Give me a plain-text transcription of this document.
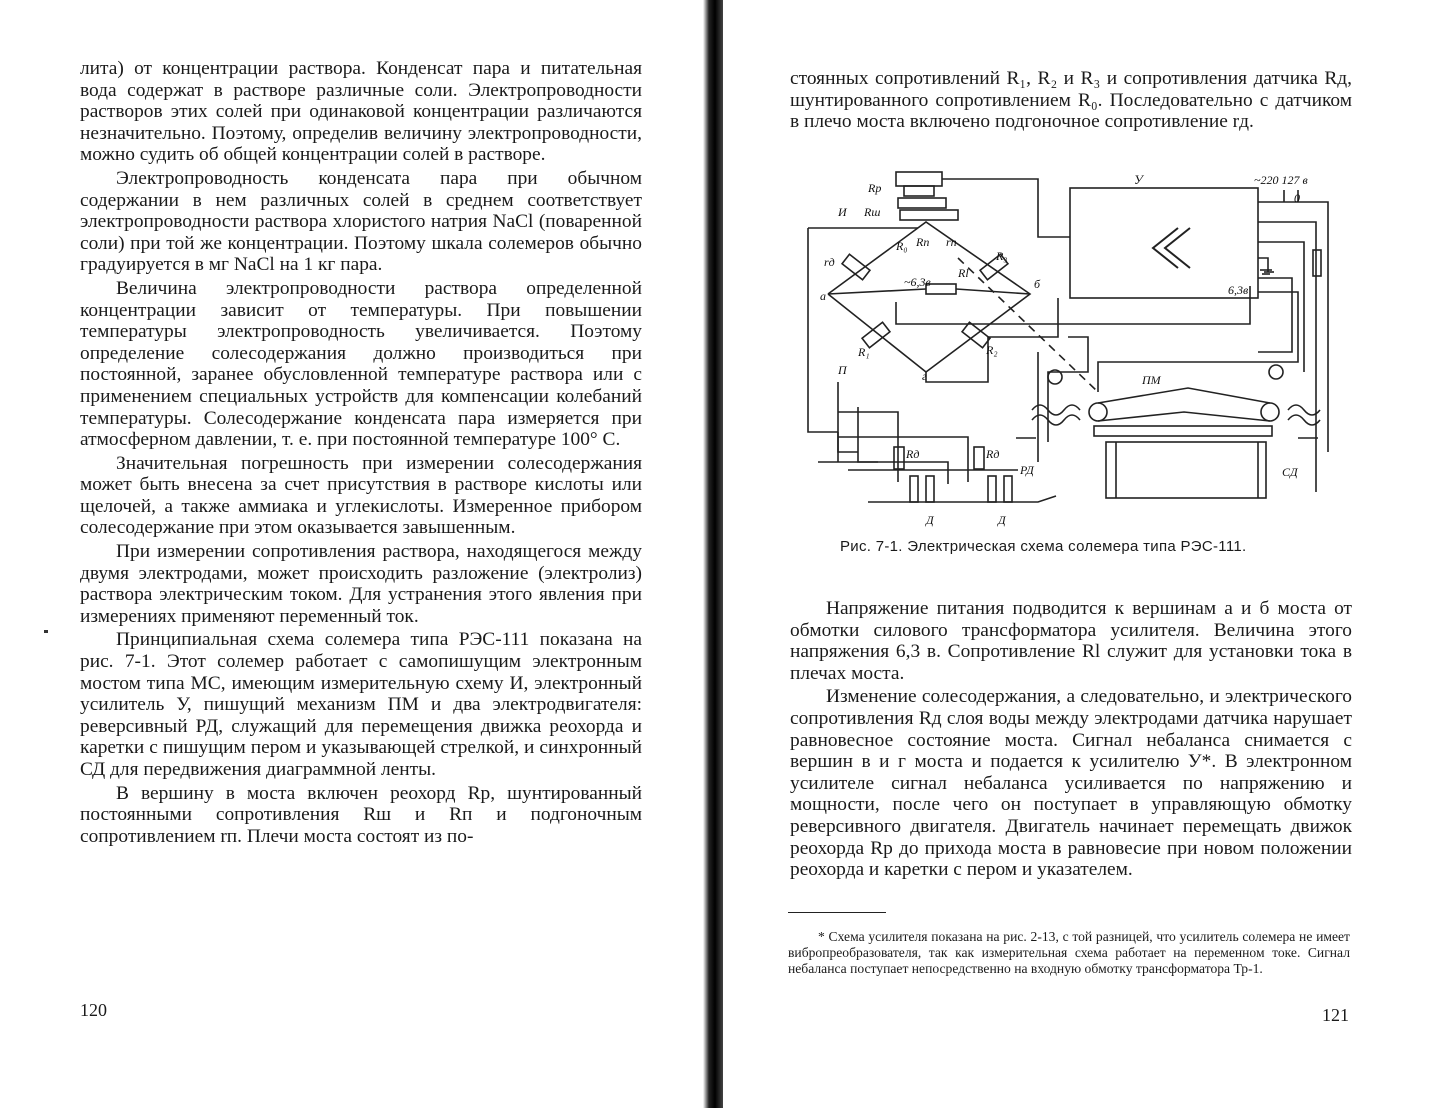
лита) от концентрации раствора. Конденсат пара и питательная вода содержат в растворе различные соли. Электропроводности растворов этих солей при одинаковой концентрации различаются незначительно. Поэтому, определив величину электропроводности, можно судить об общей концентрации солей в растворе.

Электропроводность конденсата пара при обычном содержании в нем различных солей в среднем соответствует электропроводности раствора хлористого натрия NaCl (поваренной соли) при той же концентрации. Поэтому шкала солемеров обычно градуируется в мг NaCl на 1 кг пара.

Величина электропроводности раствора определенной концентрации зависит от температуры. При повышении температуры электропроводность увеличивается. Поэтому определение солесодержания должно производиться при постоянной, заранее обусловленной температуре раствора или с применением специальных устройств для компенсации колебаний температуры. Солесодержание конденсата пара измеряется при атмосферном давлении, т. е. при постоянной температуре 100° С.

Значительная погрешность при измерении солесодержания может быть внесена за счет присутствия в растворе кислоты или щелочей, а также аммиака и углекислоты. Измеренное прибором солесодержание при этом оказывается завышенным.

При измерении сопротивления раствора, находящегося между двумя электродами, может происходить разложение (электролиз) раствора электрическим током. Для устранения этого явления при измерениях применяют переменный ток.

Принципиальная схема солемера типа РЭС-111 показана на рис. 7-1. Этот солемер работает с самопишущим электронным мостом типа МС, имеющим измерительную схему И, электронный усилитель У, пишущий механизм ПМ и два электродвигателя: реверсивный РД, служащий для перемещения движка реохорда и каретки с пишущим пером и указывающей стрелкой, и синхронный СД для передвижения диаграммной ленты.

В вершину в моста включен реохорд Rр, шунтированный постоянными сопротивления Rш и Rп и подгоночным сопротивлением rп. Плечи моста состоят из по-

120

стоянных сопротивлений R₁, R₂ и R₃ и сопротивления датчика Rд, шунтированного сопротивлением R₀. Последовательно с датчиком в плечо моста включено подгоночное сопротивление rд.

У	~220 127 в
0
Rр
И Rш
R₀ Rп rп
R₃
rд
~6,3в
Rl
6,3в
а
б
г
R₁	R₂
П
ПМ
РД	СД
Rд	Rд
Д	Д
Рис. 7-1. Электрическая схема солемера типа РЭС-111.

Напряжение питания подводится к вершинам а и б моста от обмотки силового трансформатора усилителя. Величина этого напряжения 6,3 в. Сопротивление Rl служит для установки тока в плечах моста.

Изменение солесодержания, а следовательно, и электрического сопротивления Rд слоя воды между электродами датчика нарушает равновесное состояние моста. Сигнал небаланса снимается с вершин в и г моста и подается к усилителю У*. В электронном усилителе сигнал небаланса усиливается по напряжению и мощности, после чего он поступает в управляющую обмотку реверсивного двигателя. Двигатель начинает перемещать движок реохорда Rр до прихода моста в равновесие при новом положении реохорда и каретки с пером и указателем.

* Схема усилителя показана на рис. 2-13, с той разницей, что усилитель солемера не имеет вибропреобразователя, так как измерительная схема работает на переменном токе. Сигнал небаланса поступает непосредственно на входную обмотку трансформатора Тр-1.

121
